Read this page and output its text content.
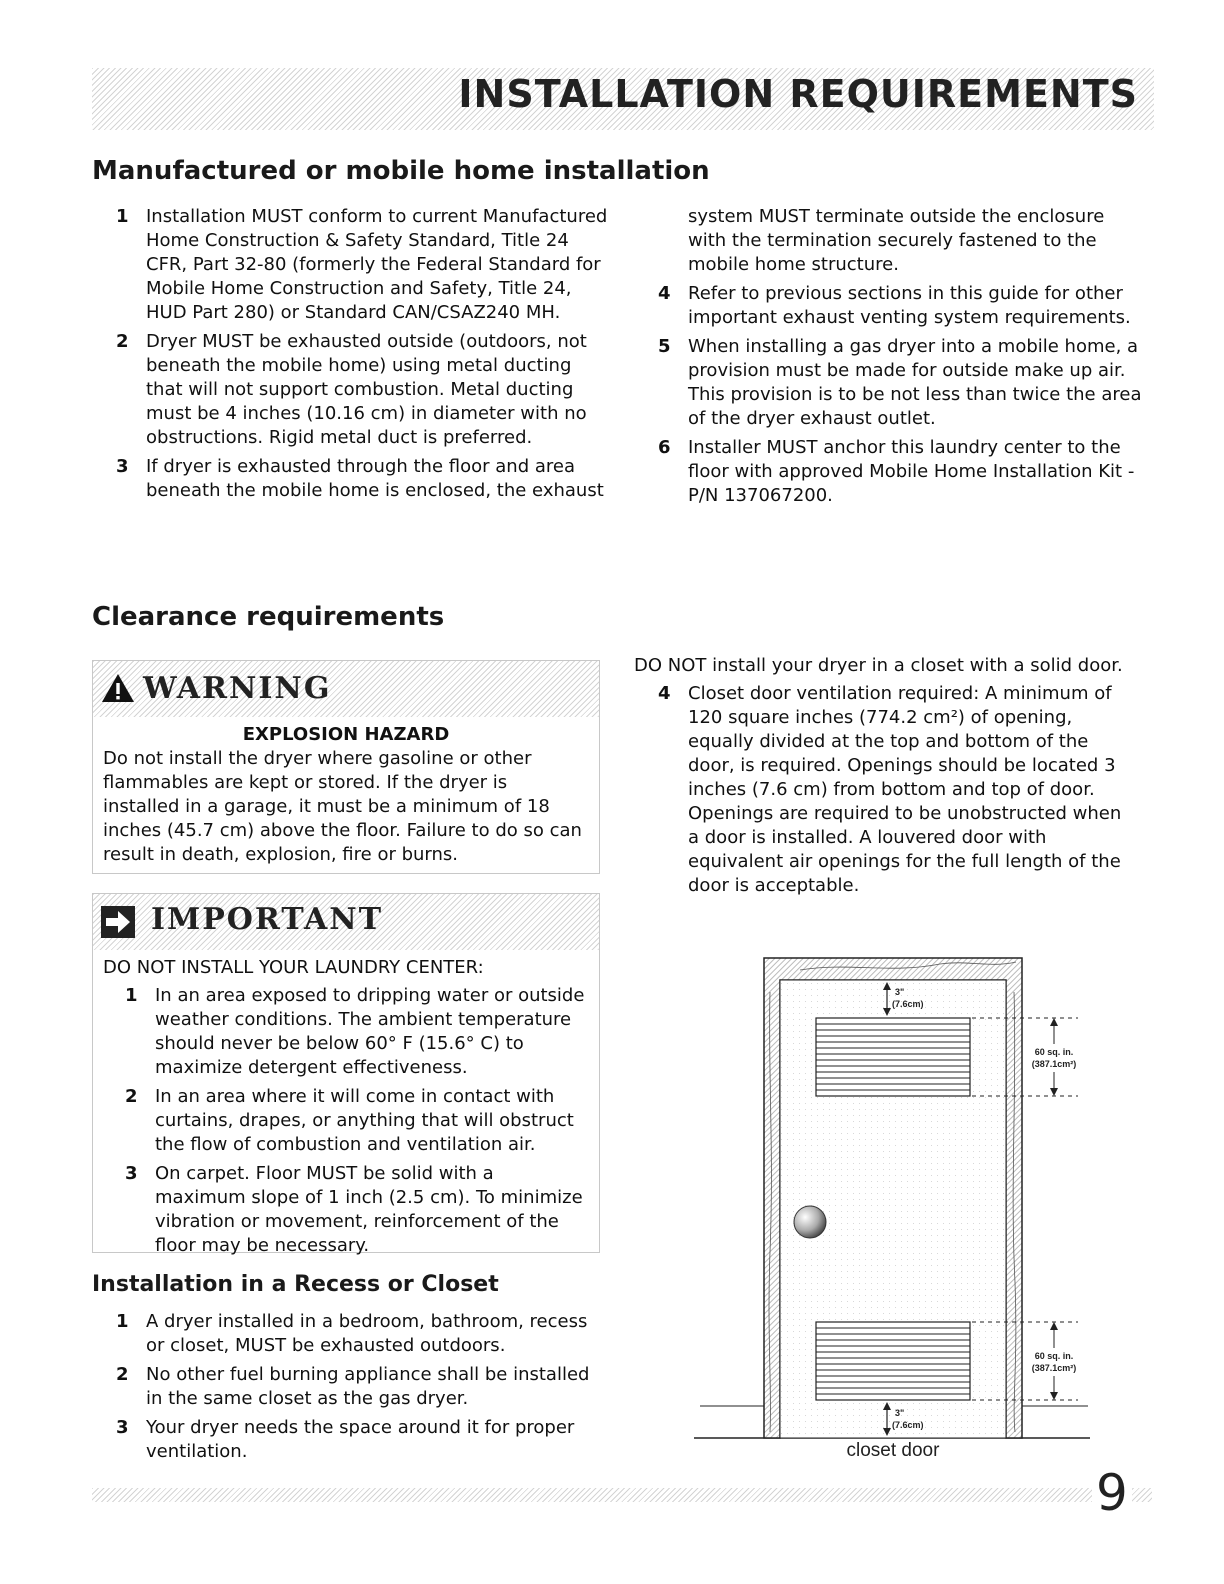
INSTALLATION REQUIREMENTS
Manufactured or mobile home installation
1 Installation MUST conform to current Manufactured Home Construction & Safety Standard, Title 24 CFR, Part 32-80 (formerly the Federal Standard for Mobile Home Construction and Safety, Title 24, HUD Part 280) or Standard CAN/CSAZ240 MH.
2 Dryer MUST be exhausted outside (outdoors, not beneath the mobile home) using metal ducting that will not support combustion. Metal ducting must be 4 inches (10.16 cm) in diameter with no obstructions. Rigid metal duct is preferred.
3 If dryer is exhausted through the floor and area beneath the mobile home is enclosed, the exhaust
system MUST terminate outside the enclosure with the termination securely fastened to the mobile home structure.
4 Refer to previous sections in this guide for other important exhaust venting system requirements.
5 When installing a gas dryer into a mobile home, a provision must be made for outside make up air. This provision is to be not less than twice the area of the dryer exhaust outlet.
6 Installer MUST anchor this laundry center to the floor with approved Mobile Home Installation Kit - P/N 137067200.
Clearance requirements
WARNING
EXPLOSION HAZARD
Do not install the dryer where gasoline or other flammables are kept or stored. If the dryer is installed in a garage, it must be a minimum of 18 inches (45.7 cm) above the floor. Failure to do so can result in death, explosion, fire or burns.
IMPORTANT
DO NOT INSTALL YOUR LAUNDRY CENTER:
1 In an area exposed to dripping water or outside weather conditions. The ambient temperature should never be below 60° F (15.6° C) to maximize detergent effectiveness.
2 In an area where it will come in contact with curtains, drapes, or anything that will obstruct the flow of combustion and ventilation air.
3 On carpet. Floor MUST be solid with a maximum slope of 1 inch (2.5 cm). To minimize vibration or movement, reinforcement of the floor may be necessary.
Installation in a Recess or Closet
1 A dryer installed in a bedroom, bathroom, recess or closet, MUST be exhausted outdoors.
2 No other fuel burning appliance shall be installed in the same closet as the gas dryer.
3 Your dryer needs the space around it for proper ventilation.
DO NOT install your dryer in a closet with a solid door.
4 Closet door ventilation required: A minimum of 120 square inches (774.2 cm²) of opening, equally divided at the top and bottom of the door, is required. Openings should be located 3 inches (7.6 cm) from bottom and top of door. Openings are required to be unobstructed when a door is installed. A louvered door with equivalent air openings for the full length of the door is acceptable.
3"
(7.6cm)
60 sq. in.
(387.1cm²)
60 sq. in.
(387.1cm²)
3"
(7.6cm)
closet door
9
